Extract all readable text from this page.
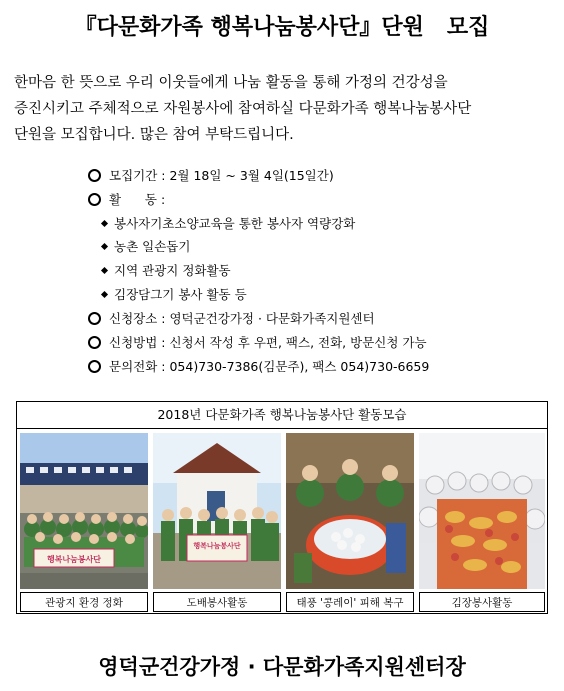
『다문화가족 행복나눔봉사단』단원   모집
한마음 한 뜻으로 우리 이웃들에게 나눔 활동을 통해 가정의 건강성을
증진시키고 주체적으로 자원봉사에 참여하실 다문화가족 행복나눔봉사단
단원을 모집합니다. 많은 참여 부탁드립니다.
모집기간 : 2월 18일 ~ 3월 4일(15일간)
활      동 :
봉사자기초소양교육을 통한 봉사자 역량강화
농촌 일손돕기
지역 관광지 정화활동
김장담그기 봉사 활동 등
신청장소 : 영덕군건강가정 · 다문화가족지원센터
신청방법 : 신청서 작성 후 우편, 팩스, 전화, 방문신청 가능
문의전화 : 054)730-7386(김문주), 팩스 054)730-6659
2018년 다문화가족 행복나눔봉사단 활동모습
행복나눔봉사단
행복나눔봉사단
관광지 환경 정화	도배봉사활동	태풍 '콩레이' 피해 복구	김장봉사활동
영덕군건강가정 · 다문화가족지원센터장
